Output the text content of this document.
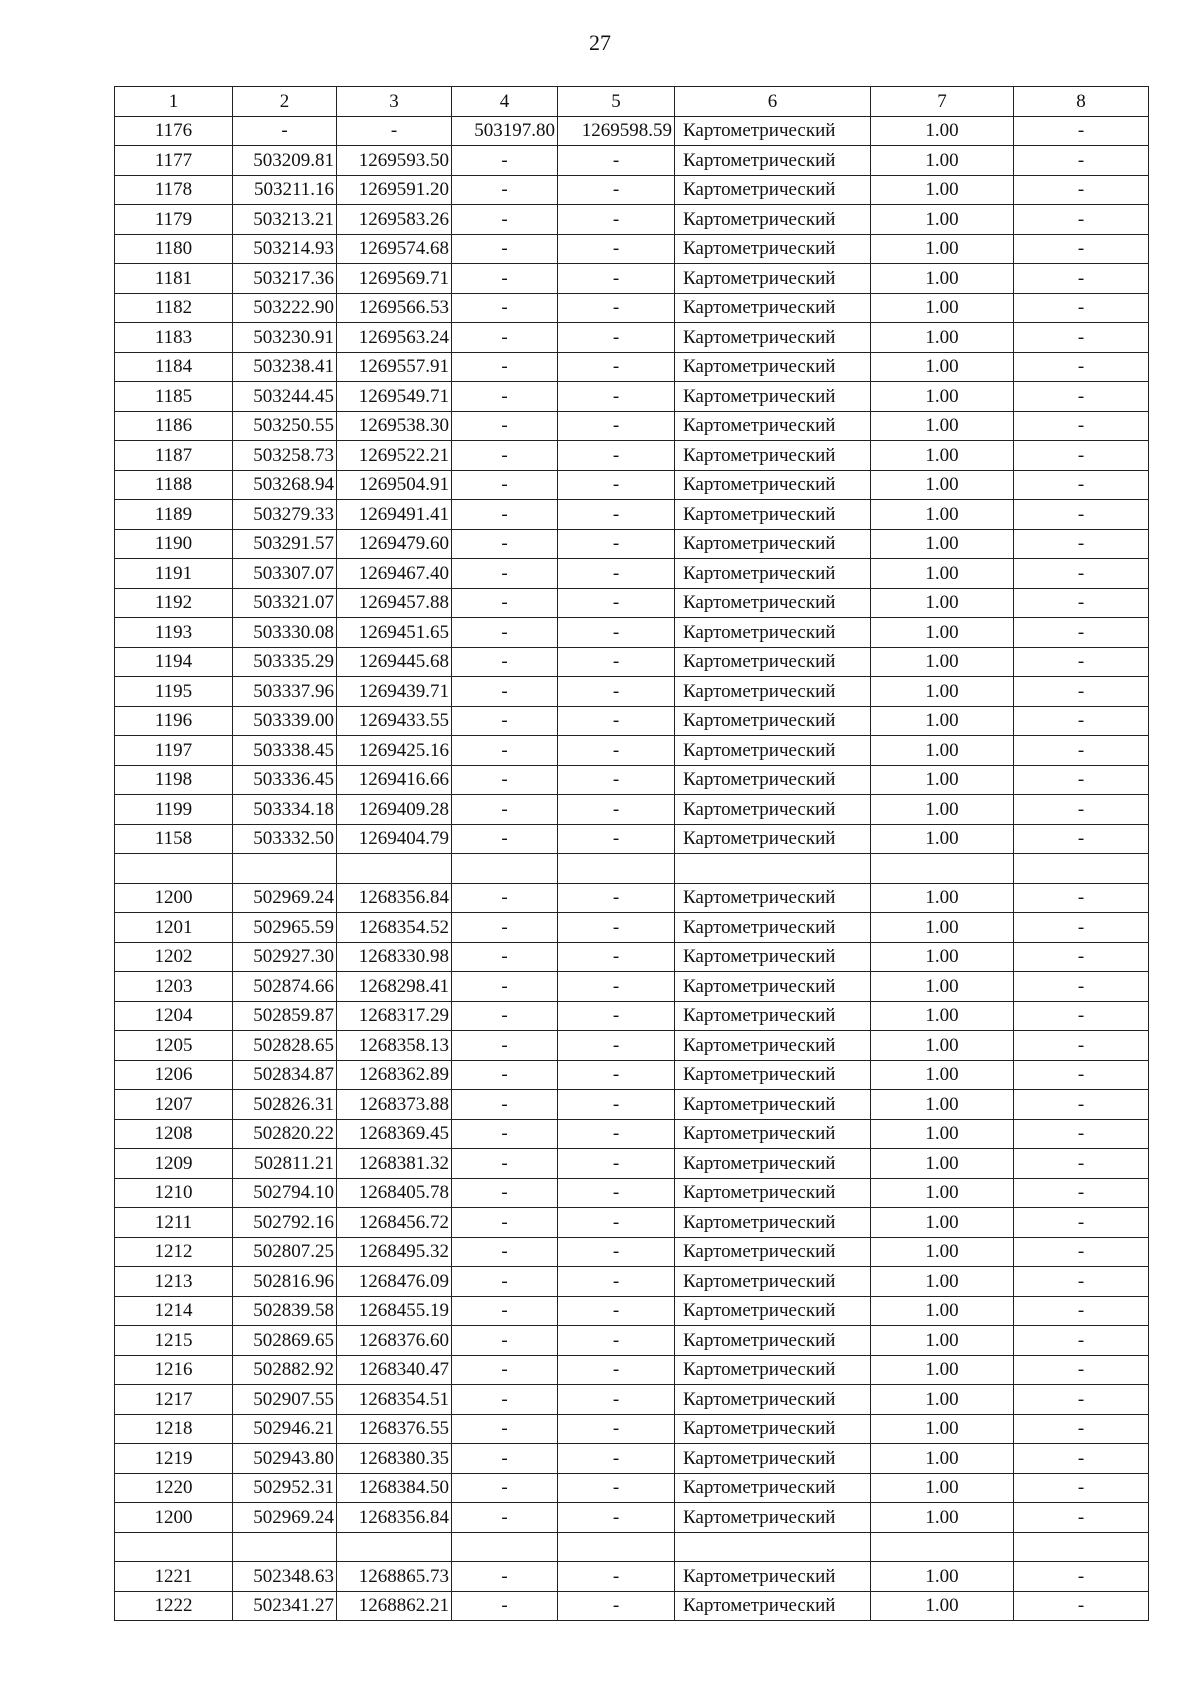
27
1	2	3	4	5	6	7	8
1176	-	-	503197.80	1269598.59	Картометрический	1.00	-
1177	503209.81	1269593.50	-	-	Картометрический	1.00	-
1178	503211.16	1269591.20	-	-	Картометрический	1.00	-
1179	503213.21	1269583.26	-	-	Картометрический	1.00	-
1180	503214.93	1269574.68	-	-	Картометрический	1.00	-
1181	503217.36	1269569.71	-	-	Картометрический	1.00	-
1182	503222.90	1269566.53	-	-	Картометрический	1.00	-
1183	503230.91	1269563.24	-	-	Картометрический	1.00	-
1184	503238.41	1269557.91	-	-	Картометрический	1.00	-
1185	503244.45	1269549.71	-	-	Картометрический	1.00	-
1186	503250.55	1269538.30	-	-	Картометрический	1.00	-
1187	503258.73	1269522.21	-	-	Картометрический	1.00	-
1188	503268.94	1269504.91	-	-	Картометрический	1.00	-
1189	503279.33	1269491.41	-	-	Картометрический	1.00	-
1190	503291.57	1269479.60	-	-	Картометрический	1.00	-
1191	503307.07	1269467.40	-	-	Картометрический	1.00	-
1192	503321.07	1269457.88	-	-	Картометрический	1.00	-
1193	503330.08	1269451.65	-	-	Картометрический	1.00	-
1194	503335.29	1269445.68	-	-	Картометрический	1.00	-
1195	503337.96	1269439.71	-	-	Картометрический	1.00	-
1196	503339.00	1269433.55	-	-	Картометрический	1.00	-
1197	503338.45	1269425.16	-	-	Картометрический	1.00	-
1198	503336.45	1269416.66	-	-	Картометрический	1.00	-
1199	503334.18	1269409.28	-	-	Картометрический	1.00	-
1158	503332.50	1269404.79	-	-	Картометрический	1.00	-

1200	502969.24	1268356.84	-	-	Картометрический	1.00	-
1201	502965.59	1268354.52	-	-	Картометрический	1.00	-
1202	502927.30	1268330.98	-	-	Картометрический	1.00	-
1203	502874.66	1268298.41	-	-	Картометрический	1.00	-
1204	502859.87	1268317.29	-	-	Картометрический	1.00	-
1205	502828.65	1268358.13	-	-	Картометрический	1.00	-
1206	502834.87	1268362.89	-	-	Картометрический	1.00	-
1207	502826.31	1268373.88	-	-	Картометрический	1.00	-
1208	502820.22	1268369.45	-	-	Картометрический	1.00	-
1209	502811.21	1268381.32	-	-	Картометрический	1.00	-
1210	502794.10	1268405.78	-	-	Картометрический	1.00	-
1211	502792.16	1268456.72	-	-	Картометрический	1.00	-
1212	502807.25	1268495.32	-	-	Картометрический	1.00	-
1213	502816.96	1268476.09	-	-	Картометрический	1.00	-
1214	502839.58	1268455.19	-	-	Картометрический	1.00	-
1215	502869.65	1268376.60	-	-	Картометрический	1.00	-
1216	502882.92	1268340.47	-	-	Картометрический	1.00	-
1217	502907.55	1268354.51	-	-	Картометрический	1.00	-
1218	502946.21	1268376.55	-	-	Картометрический	1.00	-
1219	502943.80	1268380.35	-	-	Картометрический	1.00	-
1220	502952.31	1268384.50	-	-	Картометрический	1.00	-
1200	502969.24	1268356.84	-	-	Картометрический	1.00	-

1221	502348.63	1268865.73	-	-	Картометрический	1.00	-
1222	502341.27	1268862.21	-	-	Картометрический	1.00	-
